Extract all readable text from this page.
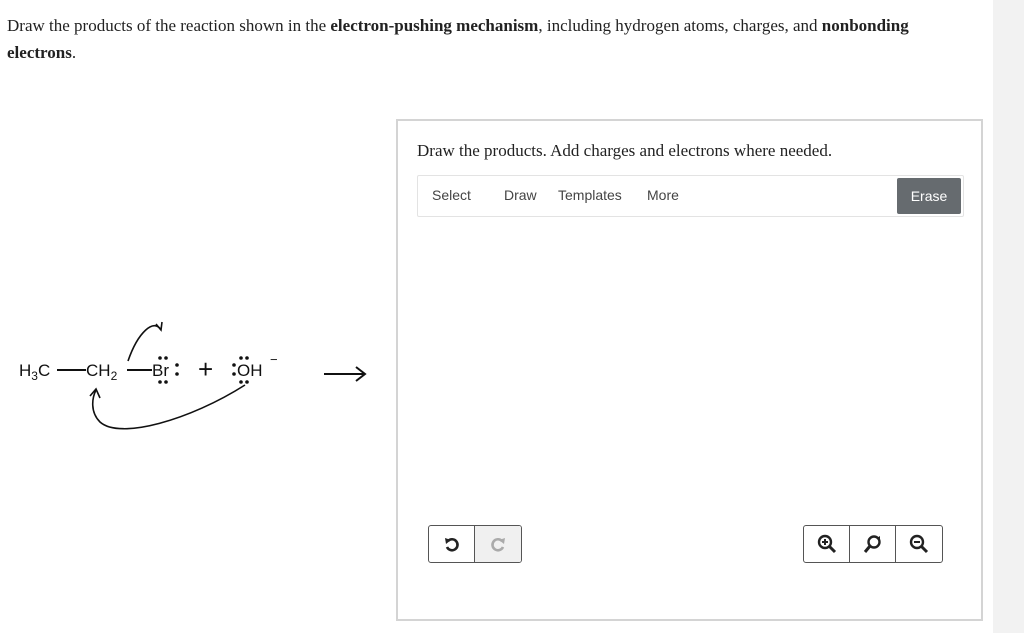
Draw the products of the reaction shown in the electron-pushing mechanism, including hydrogen atoms, charges, and nonbonding electrons.

$H_3C$ $CH_2$ Br + OH
−
Draw the products. Add charges and electrons where needed.
Select Draw Templates More	Erase
